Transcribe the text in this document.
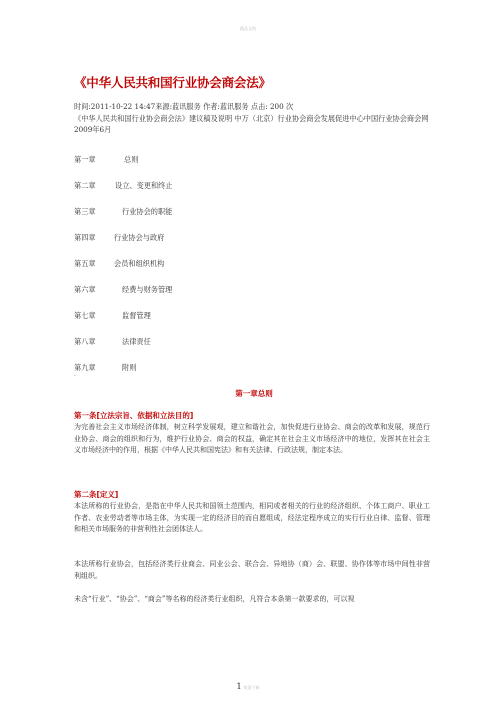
精品文档
《中华人民共和国行业协会商会法》
时间:2011-10-22 14:47来源:蓝讯服务 作者:蓝讯服务 点击: 200 次
《中华人民共和国行业协会商会法》建议稿及说明 中万（北京）行业协会商会发展促进中心中国行业协会商会网 2009年6月
第一章	总则
第二章	设立、变更和终止
第三章	行业协会的职能
第四章	行业协会与政府
第五章	会员和组织机构
第六章	经费与财务管理
第七章	监督管理
第八章	法律责任
第九章	附则
.
第一章总则
第一条[立法宗旨、依据和立法目的]
为完善社会主义市场经济体制，树立科学发展观，建立和谐社会，加快促进行业协会、商会的改革和发展，规范行业协会、商会的组织和行为，维护行业协会、商会的权益，确定其在社会主义市场经济中的地位，发挥其在社会主义市场经济中的作用，根据《中华人民共和国宪法》和有关法律、行政法规，制定本法。
第二条[定义]
本法所称的行业协会，是指在中华人民共和国领土范围内，相同或者相关的行业的经济组织、个体工商户、职业工作者、农业劳动者等市场主体，为实现一定的经济目的而自愿组成，经法定程序成立的实行行业自律、监督、管理和相关市场服务的非营利性社会团体法人。
本法所称行业协会，包括经济类行业商会、同业公会、联合会、异地协（商）会、联盟、协作体等市场中间性非营利组织。
未含“行业”、“协会”、“商会”等名称的经济类行业组织，凡符合本条第一款要求的，可以视
1 欢迎下载
